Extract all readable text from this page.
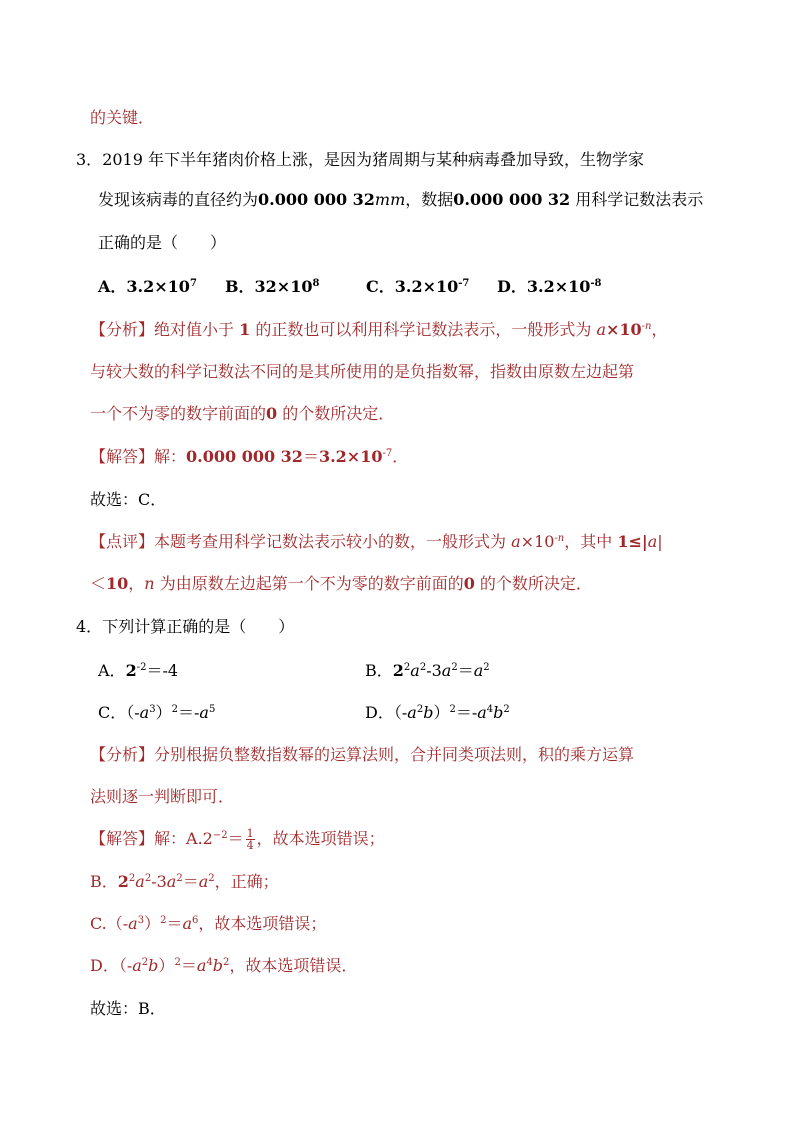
的关键．
3．2019 年下半年猪肉价格上涨，是因为猪周期与某种病毒叠加导致，生物学家
发现该病毒的直径约为0.000 000 32mm，数据0.000 000 32 用科学记数法表示
正确的是（　　）
A．$3.2\times 10^7$ B．$32\times 10^8$	C．$3.2\times 10^{-7}$ D．$3.2\times 10^{-8}$
【分析】绝对值小于 1 的正数也可以利用科学记数法表示，一般形式为 $a\times 10^{-n}$，
与较大数的科学记数法不同的是其所使用的是负指数幂，指数由原数左边起第
一个不为零的数字前面的0 的个数所决定．
【解答】解：0.000 000 $32=3.2\times 10^{-7}$．
故选：C．
【点评】本题考查用科学记数法表示较小的数，一般形式为 $a\times 10^{-n}$，其中 1≤|a|
＜10，n 为由原数左边起第一个不为零的数字前面的0 的个数所决定．
4．下列计算正确的是（　　）
A．$2^{-2}=-4$	B．$2^2a^2-3a^2=a^2$
C．$(-a^3)^2=-a^5$	D．$(-a^2b)^2=-a^4b^2$
【分析】分别根据负整数指数幂的运算法则，合并同类项法则，积的乘方运算
法则逐一判断即可．
【解答】解：$A.2^{-2}= \frac{1}{4}$ ，故本选项错误；
B．$2^2a^2-3a^2=a^2$，正确；
$C.(-a^3)^2=a^6$，故本选项错误；
D．$(-a^2b)^2=a^4b^2$，故本选项错误．
故选：B．
